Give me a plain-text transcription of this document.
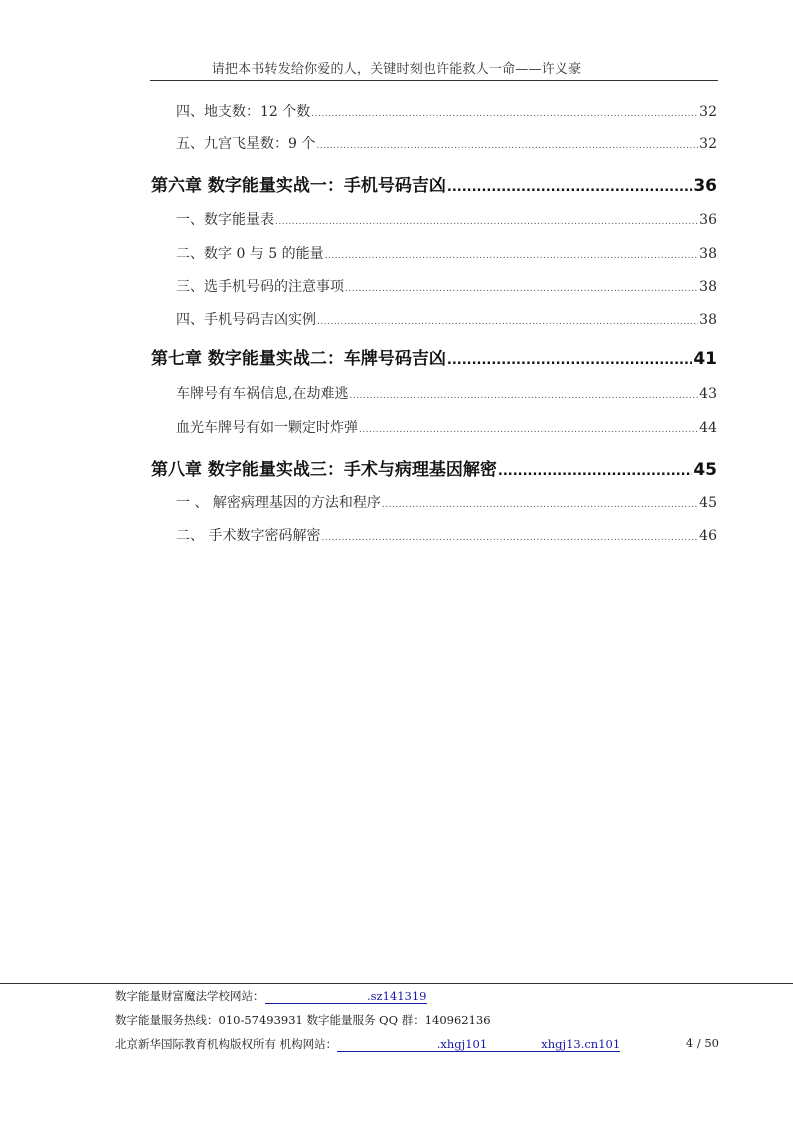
请把本书转发给你爱的人，关键时刻也许能救人一命——许义豪
四、地支数：12 个数 .....	32
五、九宫飞星数：9 个 .....	32
第六章 数字能量实战一：手机号码吉凶 .....	36
一、数字能量表 .....	36
二、数字 0 与 5 的能量 .....	38
三、选手机号码的注意事项 .....	38
四、手机号码吉凶实例 .....	38
第七章 数字能量实战二：车牌号码吉凶 .....	41
车牌号有车祸信息,在劫难逃 .....	43
血光车牌号有如一颗定时炸弹 .....	44
第八章 数字能量实战三：手术与病理基因解密 .....	45
一 、 解密病理基因的方法和程序 .....	45
二、 手术数字密码解密 .....	46
数字能量财富魔法学校网站：	.sz141319
数字能量服务热线：010-57493931 数字能量服务 QQ 群：140962136
北京新华国际教育机构版权所有 机构网站：	.xhgj101	xhgj13.cn101	4 / 50
